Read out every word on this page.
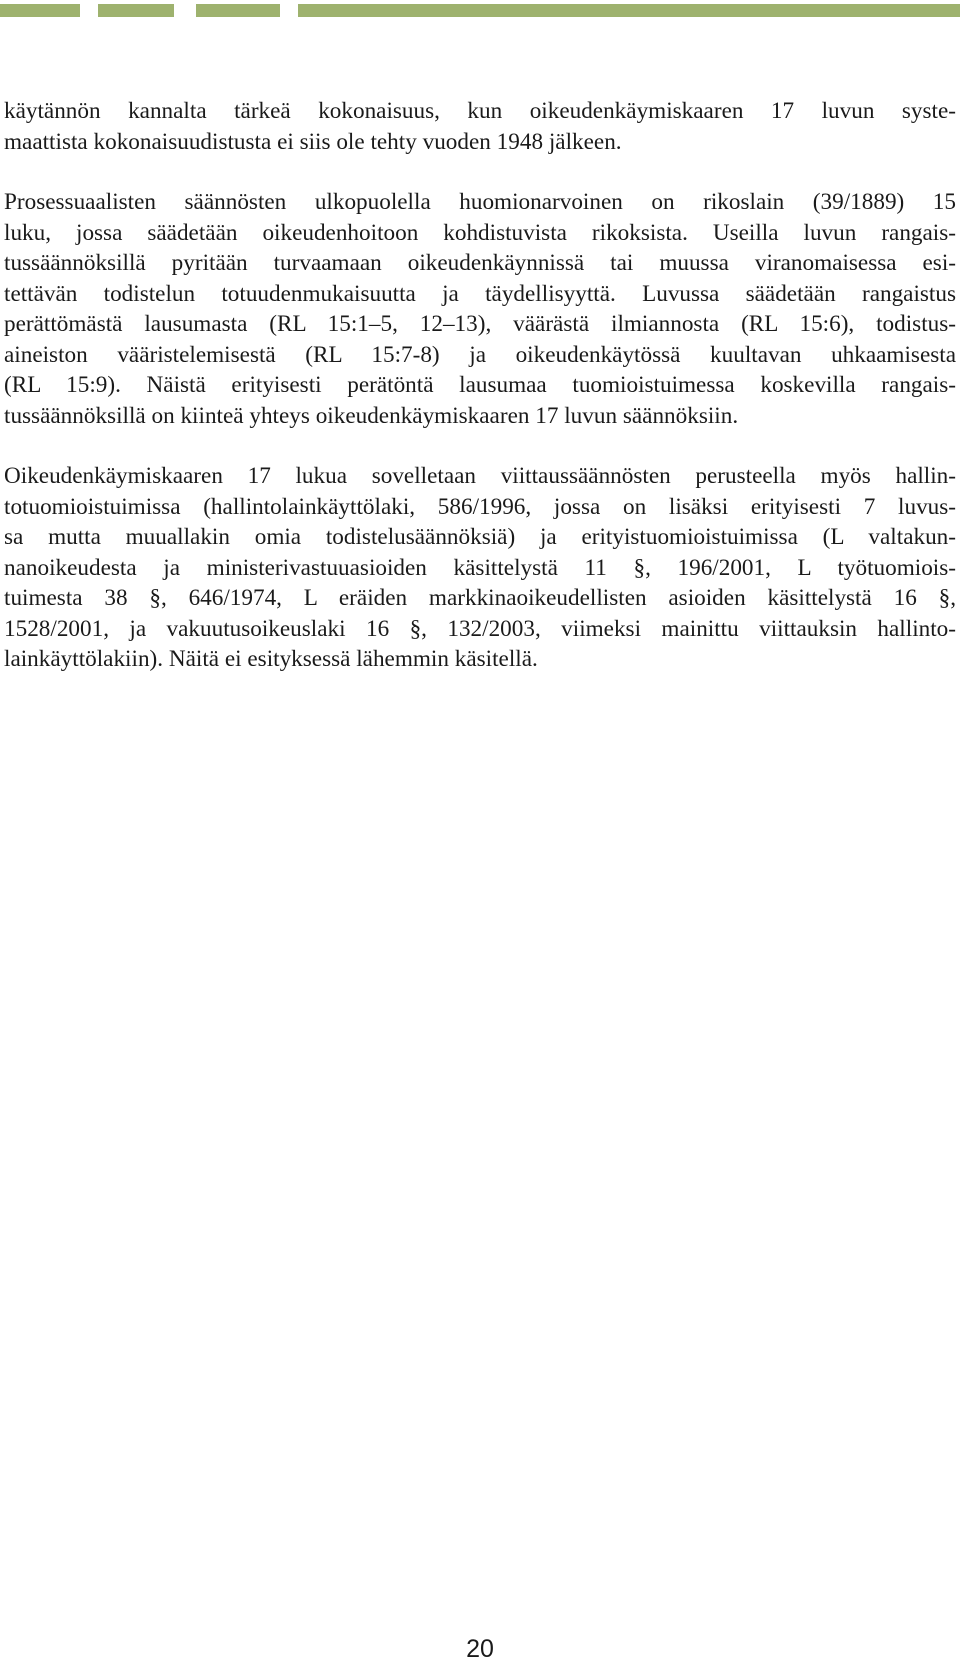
käytännön kannalta tärkeä kokonaisuus, kun oikeudenkäymiskaaren 17 luvun syste-
maattista kokonaisuudistusta ei siis ole tehty vuoden 1948 jälkeen.
Prosessuaalisten säännösten ulkopuolella huomionarvoinen on rikoslain (39/1889) 15
luku, jossa säädetään oikeudenhoitoon kohdistuvista rikoksista. Useilla luvun rangais-
tussäännöksillä pyritään turvaamaan oikeudenkäynnissä tai muussa viranomaisessa esi-
tettävän todistelun totuudenmukaisuutta ja täydellisyyttä. Luvussa säädetään rangaistus
perättömästä lausumasta (RL 15:1–5, 12–13), väärästä ilmiannosta (RL 15:6), todistus-
aineiston vääristelemisestä (RL 15:7-8) ja oikeudenkäytössä kuultavan uhkaamisesta
(RL 15:9). Näistä erityisesti perätöntä lausumaa tuomioistuimessa koskevilla rangais-
tussäännöksillä on kiinteä yhteys oikeudenkäymiskaaren 17 luvun säännöksiin.
Oikeudenkäymiskaaren 17 lukua sovelletaan viittaussäännösten perusteella myös hallin-
totuomioistuimissa (hallintolainkäyttölaki, 586/1996, jossa on lisäksi erityisesti 7 luvus-
sa mutta muuallakin omia todistelusäännöksiä) ja erityistuomioistuimissa (L valtakun-
nanoikeudesta ja ministerivastuuasioiden käsittelystä 11 §, 196/2001, L työtuomiois-
tuimesta 38 §, 646/1974, L eräiden markkinaoikeudellisten asioiden käsittelystä 16 §,
1528/2001, ja vakuutusoikeuslaki 16 §, 132/2003, viimeksi mainittu viittauksin hallinto-
lainkäyttölakiin). Näitä ei esityksessä lähemmin käsitellä.
20
